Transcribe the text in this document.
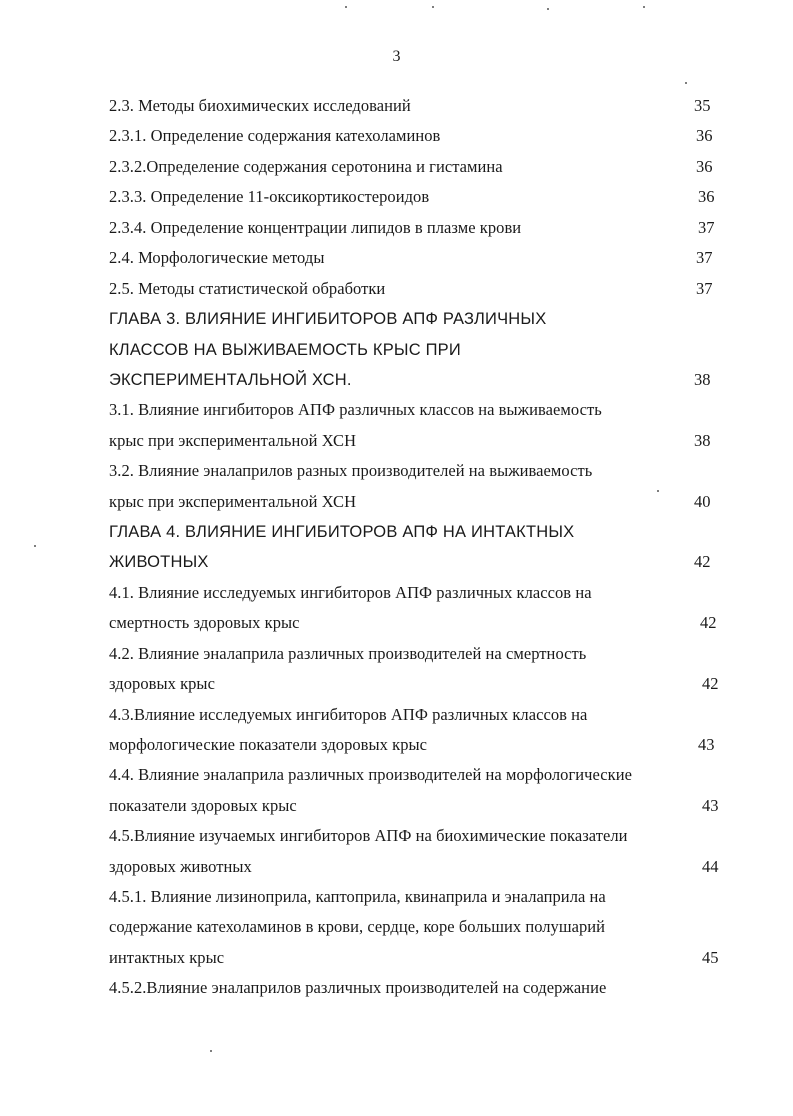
3
2.3. Методы биохимических исследований	35
2.3.1. Определение содержания катехоламинов	36
2.3.2.Определение содержания серотонина и гистамина	36
2.3.3. Определение 11-оксикортикостероидов	36
2.3.4. Определение концентрации липидов в плазме крови	37
2.4. Морфологические методы	37
2.5. Методы статистической обработки	37
ГЛАВА 3. ВЛИЯНИЕ ИНГИБИТОРОВ АПФ РАЗЛИЧНЫХ
КЛАССОВ НА ВЫЖИВАЕМОСТЬ КРЫС ПРИ
ЭКСПЕРИМЕНТАЛЬНОЙ ХСН.	38
3.1. Влияние ингибиторов АПФ различных классов на выживаемость
крыс при экспериментальной ХСН	38
3.2. Влияние эналаприлов разных производителей на выживаемость
крыс при экспериментальной ХСН	40
ГЛАВА 4. ВЛИЯНИЕ ИНГИБИТОРОВ АПФ НА ИНТАКТНЫХ
ЖИВОТНЫХ	42
4.1. Влияние исследуемых ингибиторов АПФ различных классов на
смертность здоровых крыс	42
4.2. Влияние эналаприла различных производителей на смертность
здоровых крыс	42
4.3.Влияние исследуемых ингибиторов АПФ различных классов на
морфологические показатели здоровых крыс	43
4.4. Влияние эналаприла различных производителей на морфологические
показатели здоровых крыс	43
4.5.Влияние изучаемых ингибиторов АПФ на биохимические показатели
здоровых животных	44
4.5.1. Влияние лизиноприла, каптоприла, квинаприла и эналаприла на
содержание катехоламинов в крови, сердце, коре больших полушарий
интактных крыс	45
4.5.2.Влияние эналаприлов различных производителей на содержание
